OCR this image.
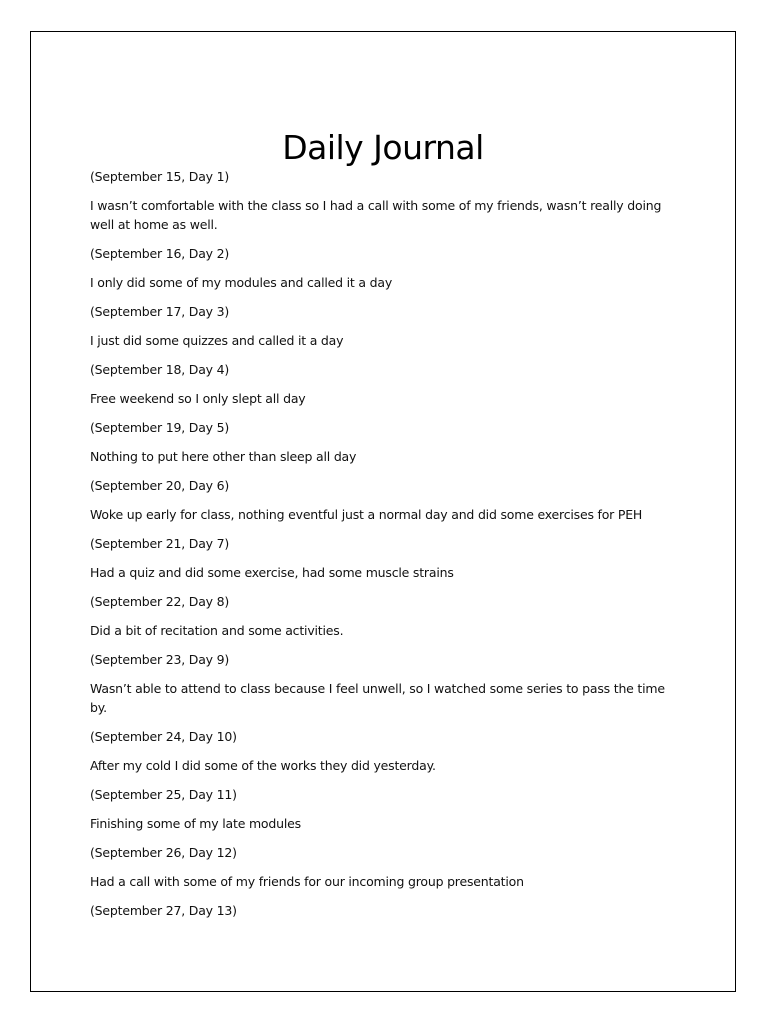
Daily Journal

(September 15, Day 1)

I wasn’t comfortable with the class so I had a call with some of my friends, wasn’t really doing well at home as well.

(September 16, Day 2)

I only did some of my modules and called it a day

(September 17, Day 3)

I just did some quizzes and called it a day

(September 18, Day 4)

Free weekend so I only slept all day

(September 19, Day 5)

Nothing to put here other than sleep all day

(September 20, Day 6)

Woke up early for class, nothing eventful just a normal day and did some exercises for PEH

(September 21, Day 7)

Had a quiz and did some exercise, had some muscle strains

(September 22, Day 8)

Did a bit of recitation and some activities.

(September 23, Day 9)

Wasn’t able to attend to class because I feel unwell, so I watched some series to pass the time by.

(September 24, Day 10)

After my cold I did some of the works they did yesterday.

(September 25, Day 11)

Finishing some of my late modules

(September 26, Day 12)

Had a call with some of my friends for our incoming group presentation

(September 27, Day 13)
